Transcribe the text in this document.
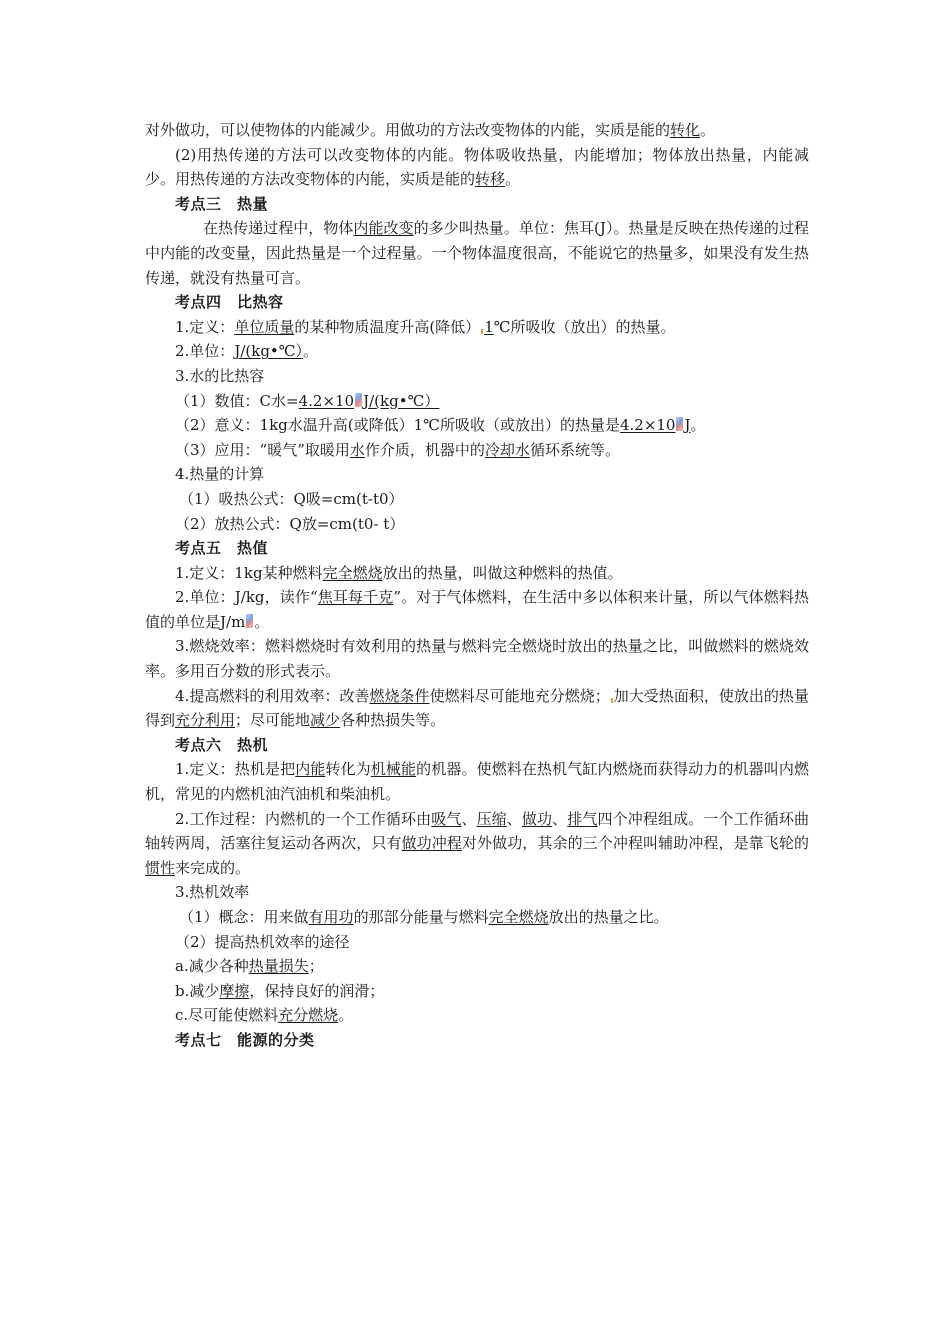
对外做功，可以使物体的内能减少。用做功的方法改变物体的内能，实质是能的转化。

(2)用热传递的方法可以改变物体的内能。物体吸收热量，内能增加；物体放出热量，内能减少。用热传递的方法改变物体的内能，实质是能的转移。

考点三　热量

在热传递过程中，物体内能改变的多少叫热量。单位：焦耳(J）。热量是反映在热传递的过程中内能的改变量，因此热量是一个过程量。一个物体温度很高，不能说它的热量多，如果没有发生热传递，就没有热量可言。

考点四　比热容

1.定义：单位质量的某种物质温度升高(降低） 1℃所吸收（放出）的热量。

2.单位：J/(kg•℃）。

3.水的比热容

（1）数值：C水=4.2×10 J/(kg•℃）

（2）意义：1kg水温升高(或降低）1℃所吸收（或放出）的热量是4.2×10 J。

（3）应用：“暖气”取暖用水作介质，机器中的冷却水循环系统等。

4.热量的计算

（1）吸热公式：Q吸=cm(t-t0）

（2）放热公式：Q放=cm(t0- t）

考点五　热值

1.定义：1kg某种燃料完全燃烧放出的热量，叫做这种燃料的热值。

2.单位：J/kg，读作“焦耳每千克”。对于气体燃料，在生活中多以体积来计量，所以气体燃料热值的单位是J/m 。

3.燃烧效率：燃料燃烧时有效利用的热量与燃料完全燃烧时放出的热量之比，叫做燃料的燃烧效率。多用百分数的形式表示。

4.提高燃料的利用效率：改善燃烧条件使燃料尽可能地充分燃烧； 加大受热面积，使放出的热量得到充分利用；尽可能地减少各种热损失等。

考点六　热机

1.定义：热机是把内能转化为机械能的机器。使燃料在热机气缸内燃烧而获得动力的机器叫内燃机，常见的内燃机油汽油机和柴油机。

2.工作过程：内燃机的一个工作循环由吸气、压缩、做功、排气四个冲程组成。一个工作循环曲轴转两周，活塞往复运动各两次，只有做功冲程对外做功，其余的三个冲程叫辅助冲程，是靠飞轮的惯性来完成的。

3.热机效率

（1）概念：用来做有用功的那部分能量与燃料完全燃烧放出的热量之比。

（2）提高热机效率的途径

a.减少各种热量损失；

b.减少摩擦，保持良好的润滑；

c.尽可能使燃料充分燃烧。

考点七　能源的分类
